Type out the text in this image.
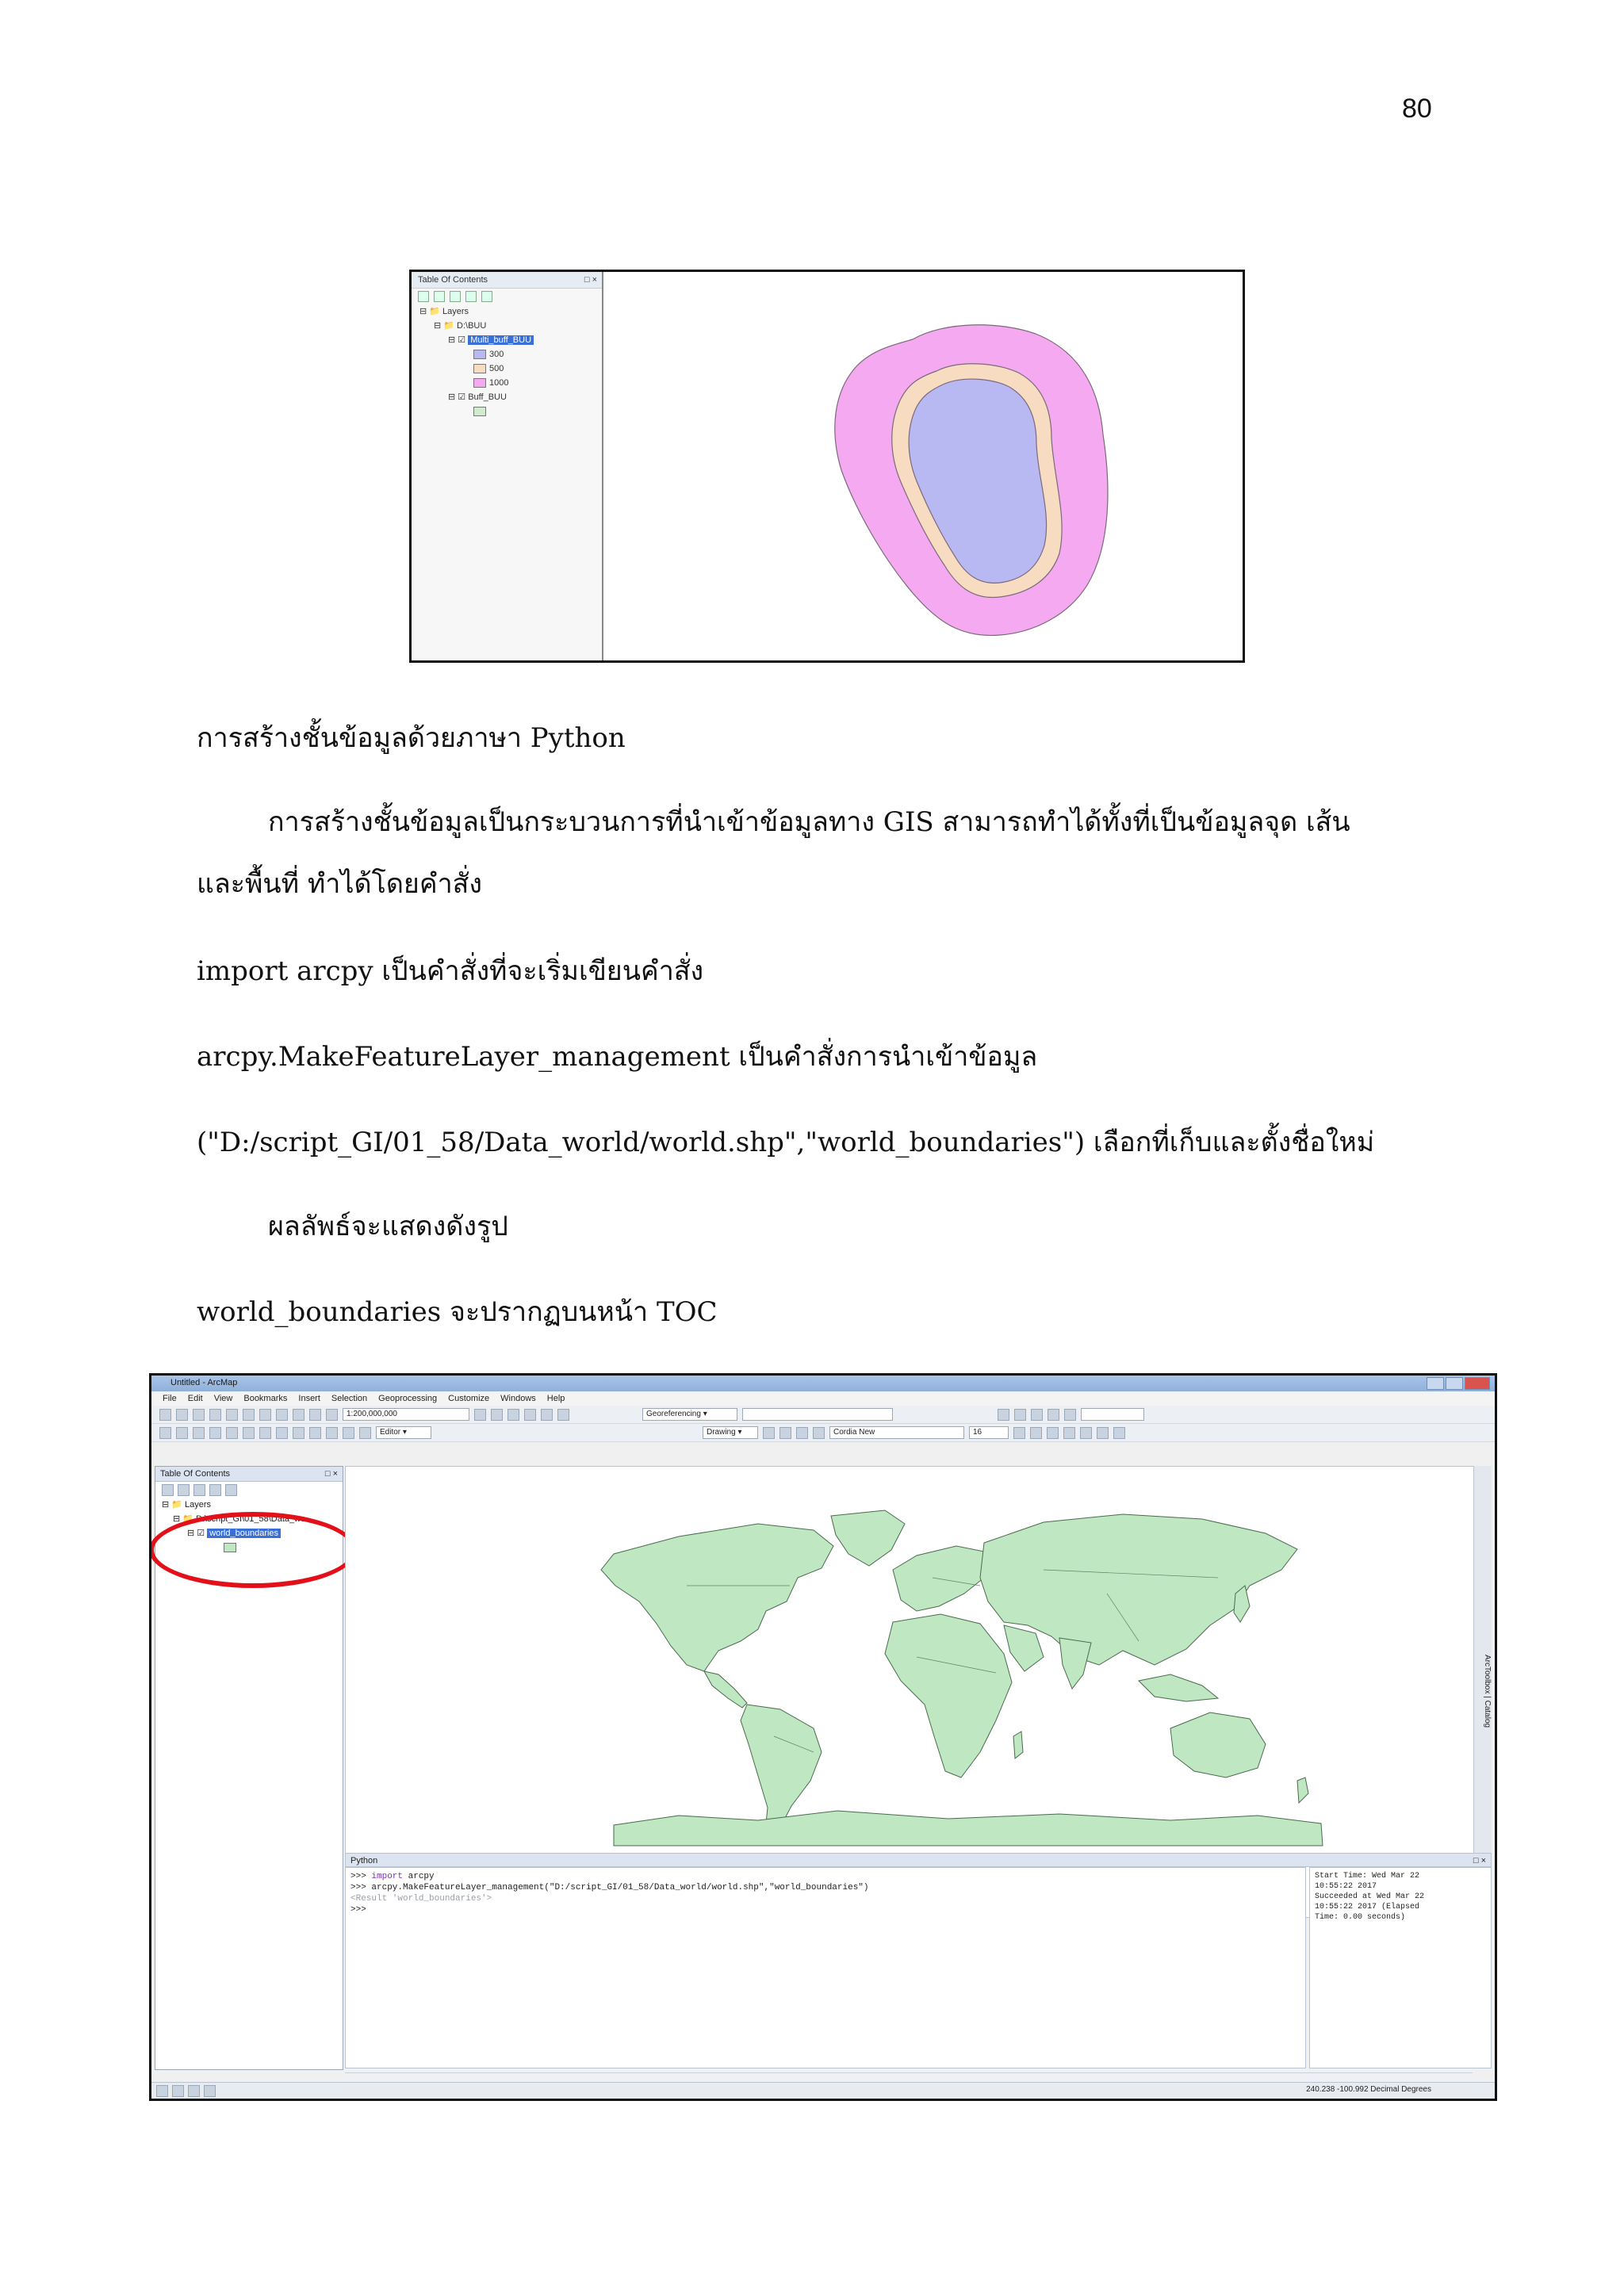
80
Table Of Contents	□ ×
⊟ 📁 Layers
⊟ 📁 D:\BUU
⊟ ☑ Multi_buff_BUU
300
500
1000
⊟ ☑ Buff_BUU
การสร้างชั้นข้อมูลด้วยภาษา Python
การสร้างชั้นข้อมูลเป็นกระบวนการที่นำเข้าข้อมูลทาง GIS สามารถทำได้ทั้งที่เป็นข้อมูลจุด เส้น
และพื้นที่ ทำได้โดยคำสั่ง
import arcpy เป็นคำสั่งที่จะเริ่มเขียนคำสั่ง
arcpy.MakeFeatureLayer_management เป็นคำสั่งการนำเข้าข้อมูล
("D:/script_GI/01_58/Data_world/world.shp","world_boundaries") เลือกที่เก็บและตั้งชื่อใหม่
ผลลัพธ์จะแสดงดังรูป
world_boundaries จะปรากฏบนหน้า TOC
Untitled - ArcMap
File Edit View Bookmarks Insert Selection Geoprocessing Customize Windows Help
1:200,000,000	Georeferencing ▾
Editor ▾	Drawing ▾	Cordia New	16
Table Of Contents	□ ×
⊟ 📁 Layers
⊟ 📁 D:\script_GI\01_58\Data_wo...
⊟ ☑ world_boundaries
ArcToolbox | Catalog
Python	□ ×
>>> import arcpy
>>> arcpy.MakeFeatureLayer_management("D:/script_GI/01_58/Data_world/world.shp","world_boundaries")
<Result 'world_boundaries'>
>>>
Start Time: Wed Mar 22
10:55:22 2017
Succeeded at Wed Mar 22
10:55:22 2017 (Elapsed
Time: 0.00 seconds)
240.238 -100.992 Decimal Degrees
